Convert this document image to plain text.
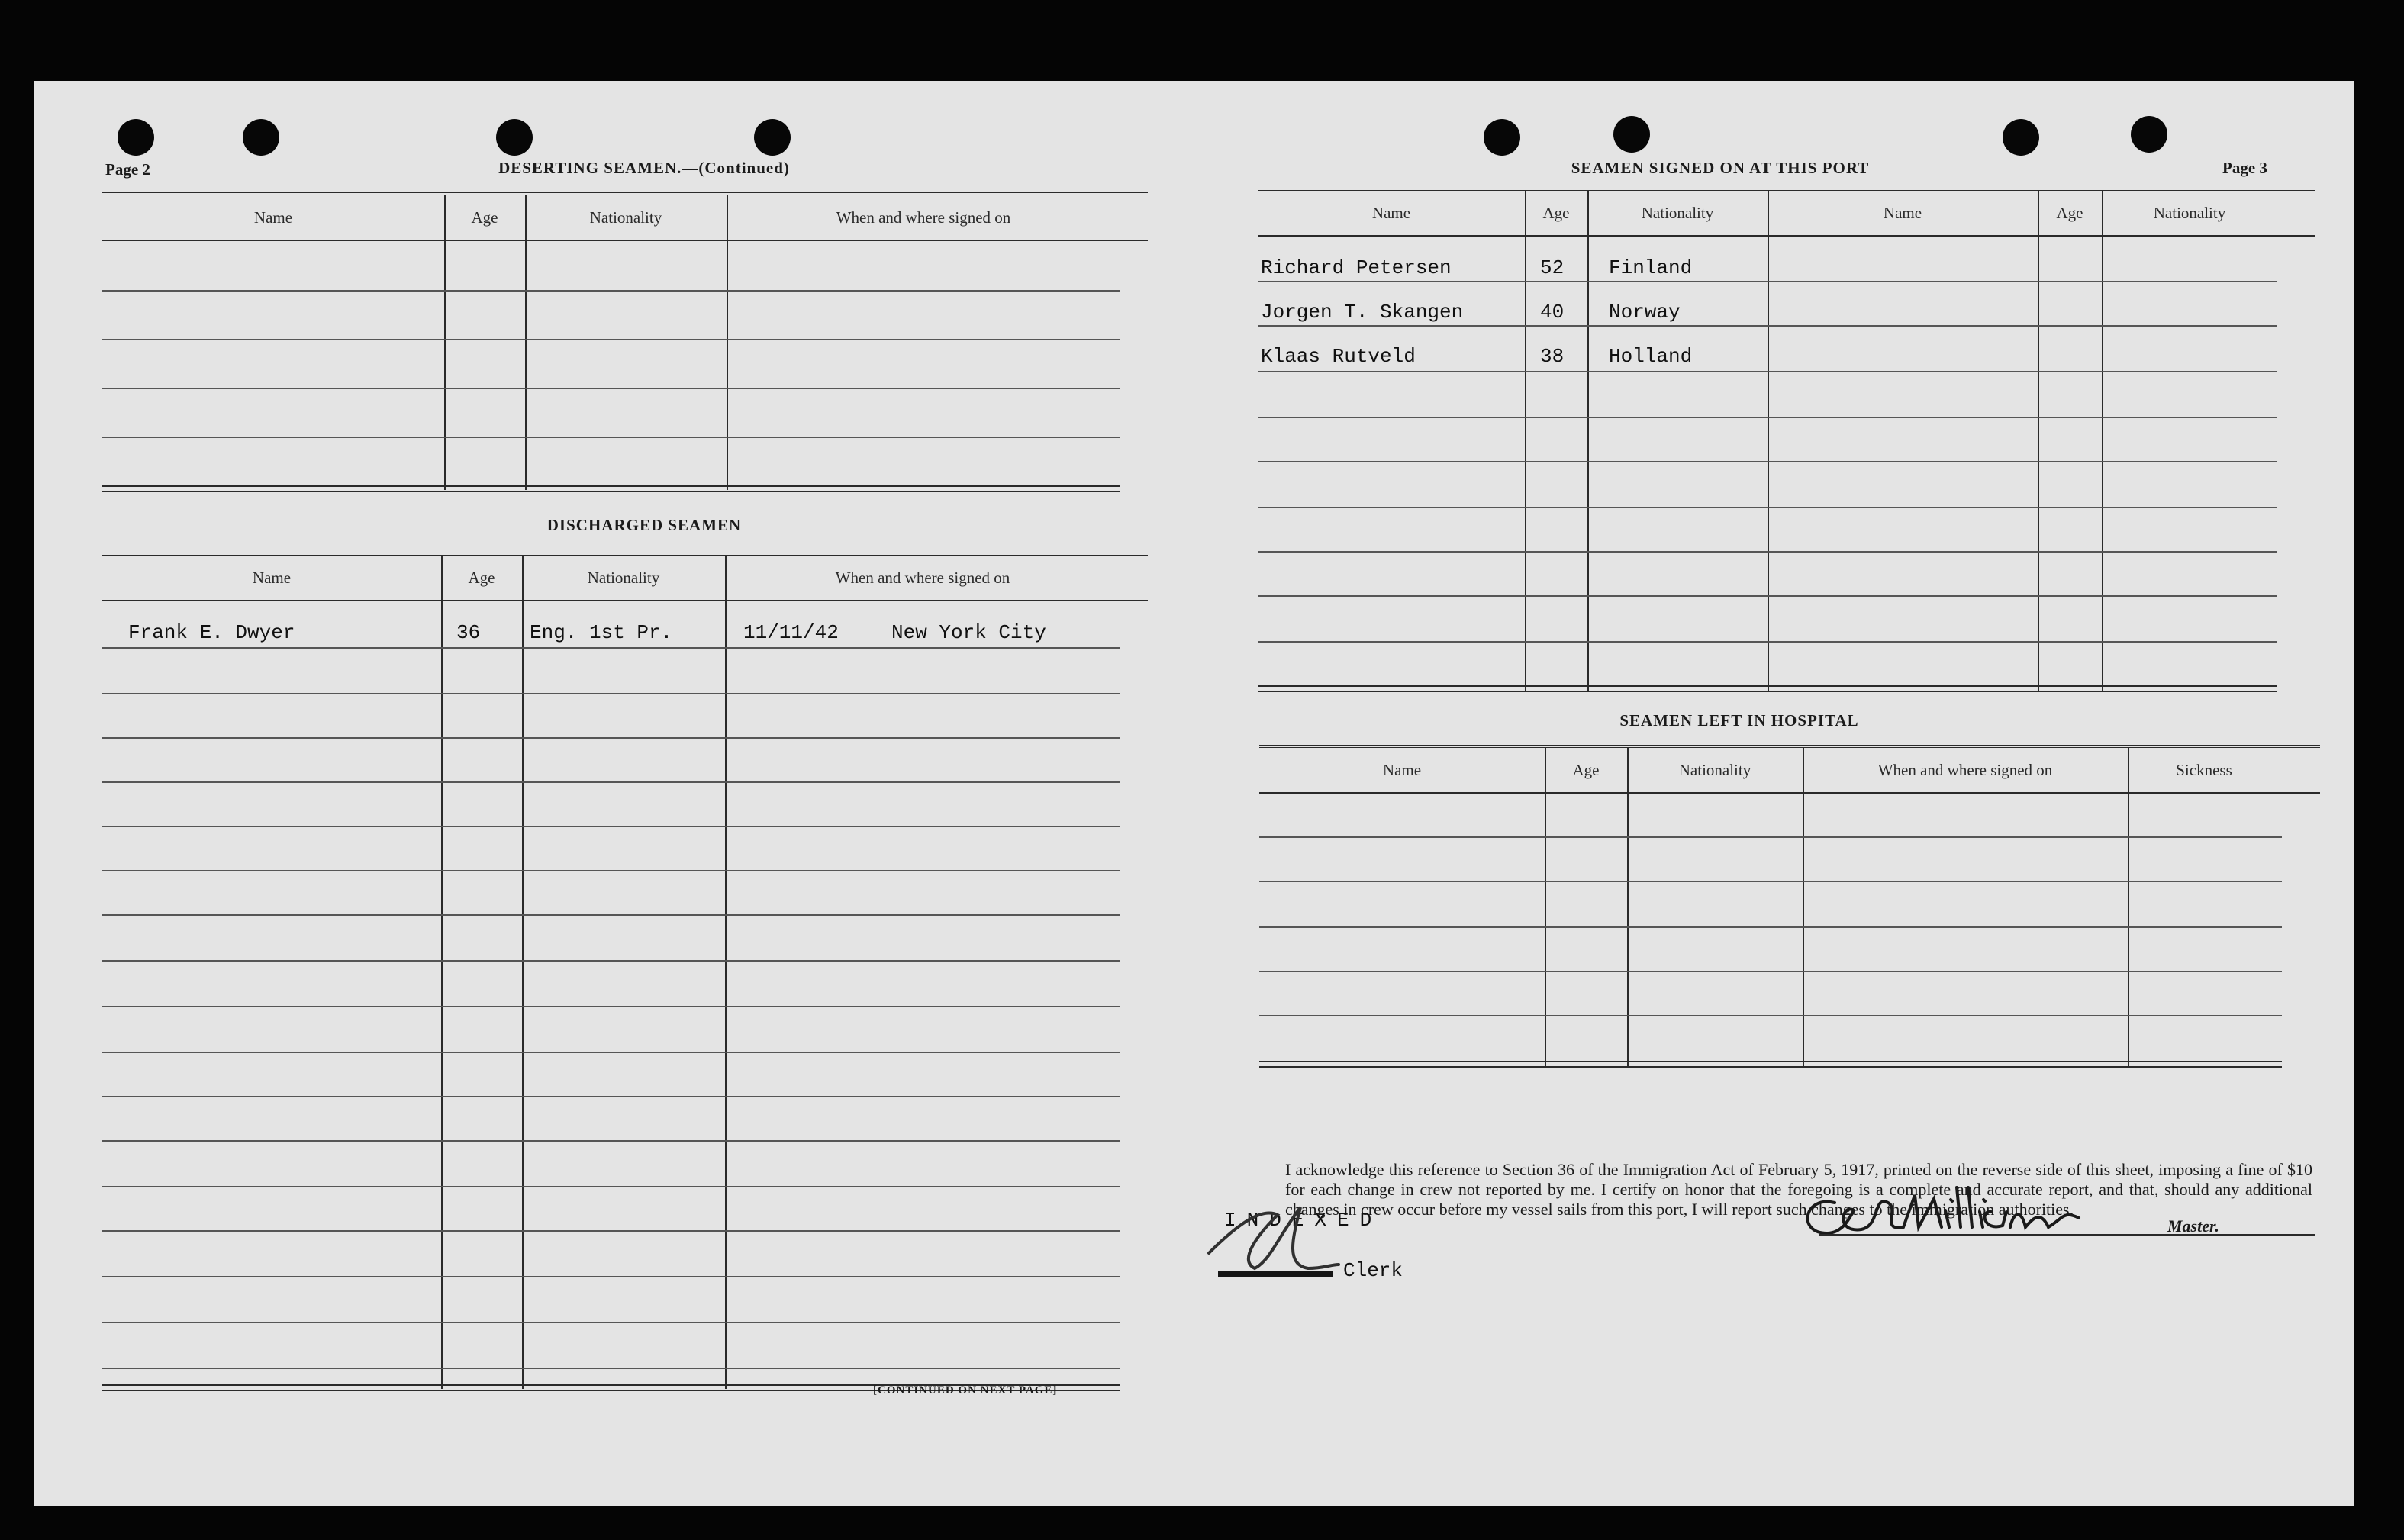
Page 2	DESERTING SEAMEN.—(Continued)
Name	Age	Nationality	When and where signed on
DISCHARGED SEAMEN
Name	Age	Nationality	When and where signed on
Frank E. Dwyer	36 Eng. 1st Pr.	11/11/42	New York City
[CONTINUED ON NEXT PAGE]
SEAMEN SIGNED ON AT THIS PORT	Page 3
Name	Age	Nationality	Name	Age	Nationality
Richard Petersen	52 Finland
Jorgen T. Skangen	40 Norway
Klaas Rutveld	38 Holland
SEAMEN LEFT IN HOSPITAL
Name	Age	Nationality	When and where signed on	Sickness
I acknowledge this reference to Section 36 of the Immigration Act of February 5, 1917, printed on the reverse side of this sheet, imposing a fine of $10 for each change in crew not reported by me. I certify on honor that the foregoing is a complete and accurate report, and that, should any additional changes in crew occur before my vessel sails from this port, I will report such changes to the immigration authorities.
Master.
INDEXED
Clerk
